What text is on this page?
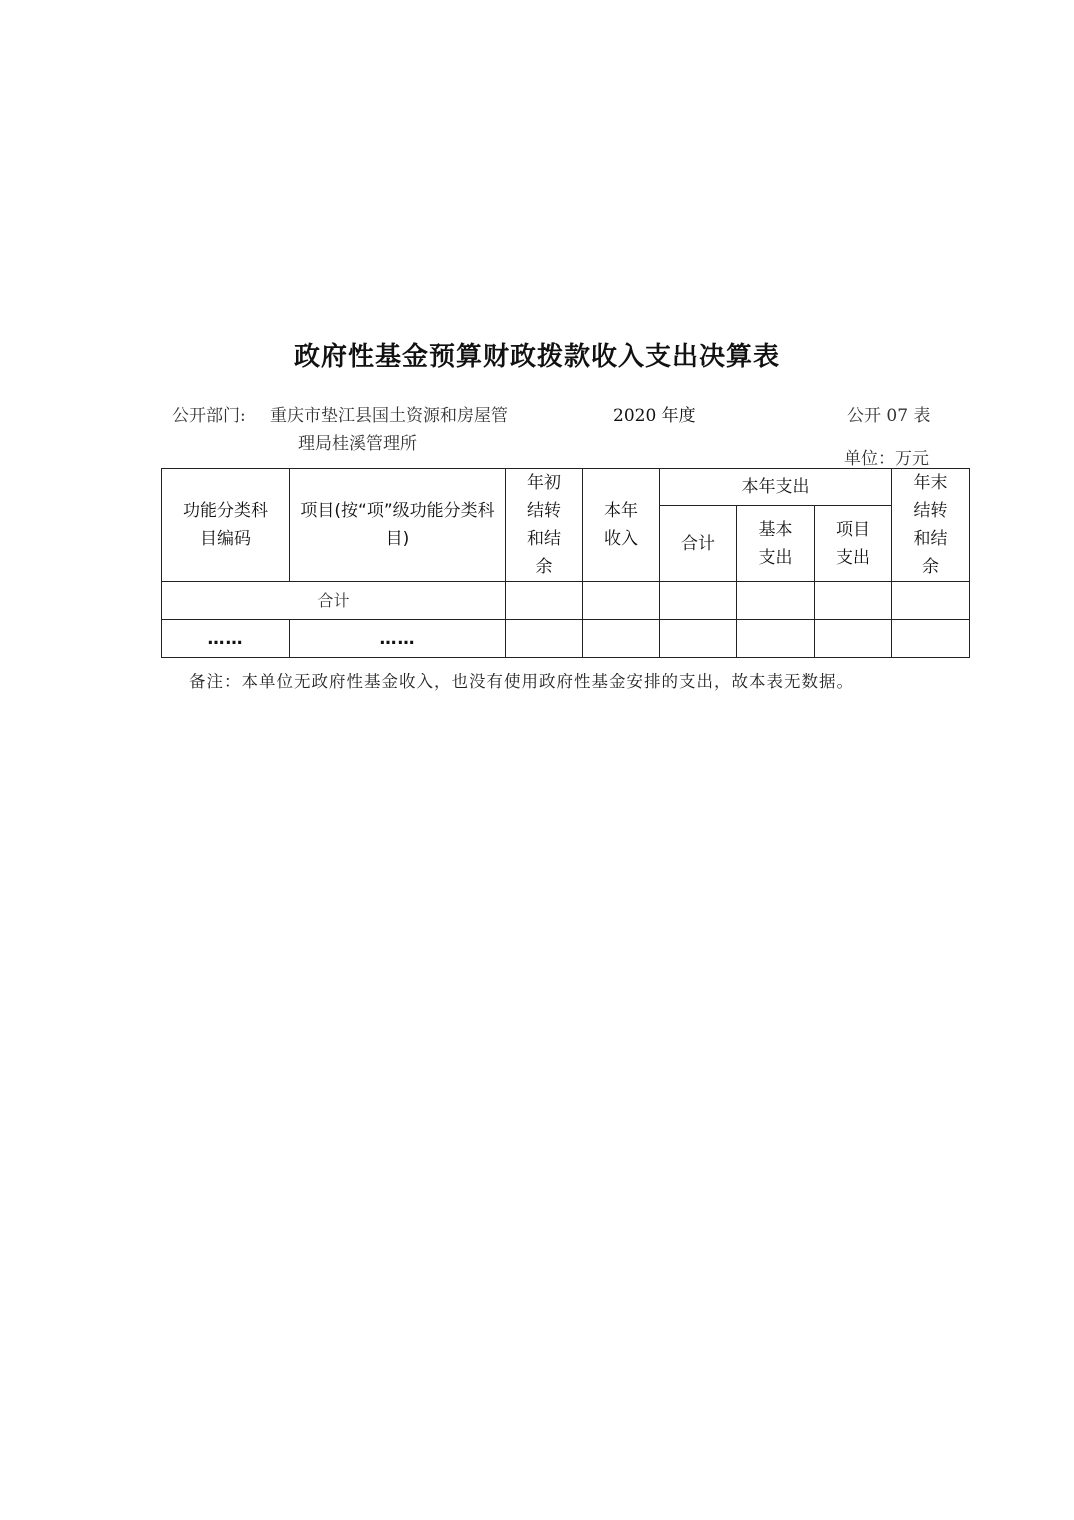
政府性基金预算财政拨款收入支出决算表
公开部门: 重庆市垫江县国土资源和房屋管
理局桂溪管理所
2020 年度	公开 07 表
单位：万元
功能分类科目编码	项目(按“项”级功能分类科目)	年初结转和结余	本年收入	本年支出			年末结转和结余
				合计	基本支出	项目支出	
合计							
……	……						
备注：本单位无政府性基金收入，也没有使用政府性基金安排的支出，故本表无数据。
